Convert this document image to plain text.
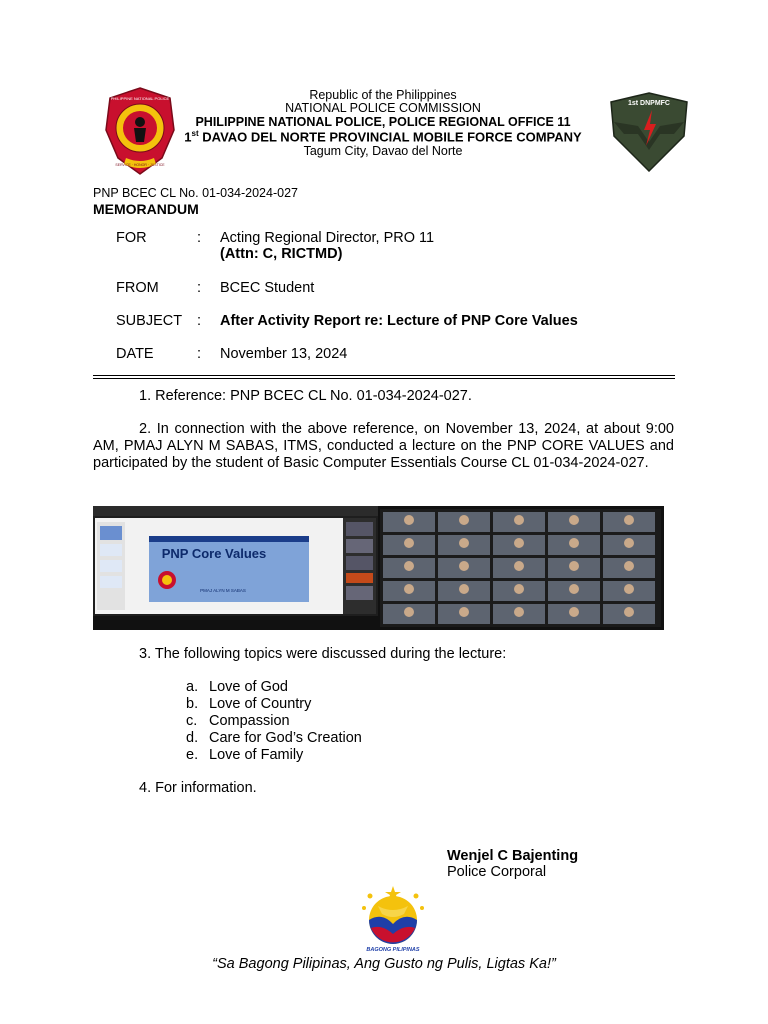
PHILIPPINE NATIONAL POLICE
SERVICE · HONOR · JUSTICE
Republic of the Philippines
NATIONAL POLICE COMMISSION
PHILIPPINE NATIONAL POLICE, POLICE REGIONAL OFFICE 11
1st DAVAO DEL NORTE PROVINCIAL MOBILE FORCE COMPANY
Tagum City, Davao del Norte
1st DNPMFC
PNP BCEC CL No. 01-034-2024-027
MEMORANDUM
FOR	: Acting Regional Director, PRO 11
(Attn: C, RICTMD)
FROM	: BCEC Student
SUBJECT : After Activity Report re: Lecture of PNP Core Values
DATE	: November 13, 2024
1. Reference: PNP BCEC CL No. 01-034-2024-027.
2. In connection with the above reference, on November 13, 2024, at about 9:00 AM, PMAJ ALYN M SABAS, ITMS, conducted a lecture on the PNP CORE VALUES and participated by the student of Basic Computer Essentials Course CL 01-034-2024-027.
PNP Core Values
PMAJ ALYN M SABAS
3. The following topics were discussed during the lecture:
a. Love of God
b. Love of Country
c. Compassion
d. Care for God’s Creation
e. Love of Family
4. For information.
Wenjel C Bajenting
Police Corporal
BAGONG PILIPINAS
“Sa Bagong Pilipinas, Ang Gusto ng Pulis, Ligtas Ka!”
